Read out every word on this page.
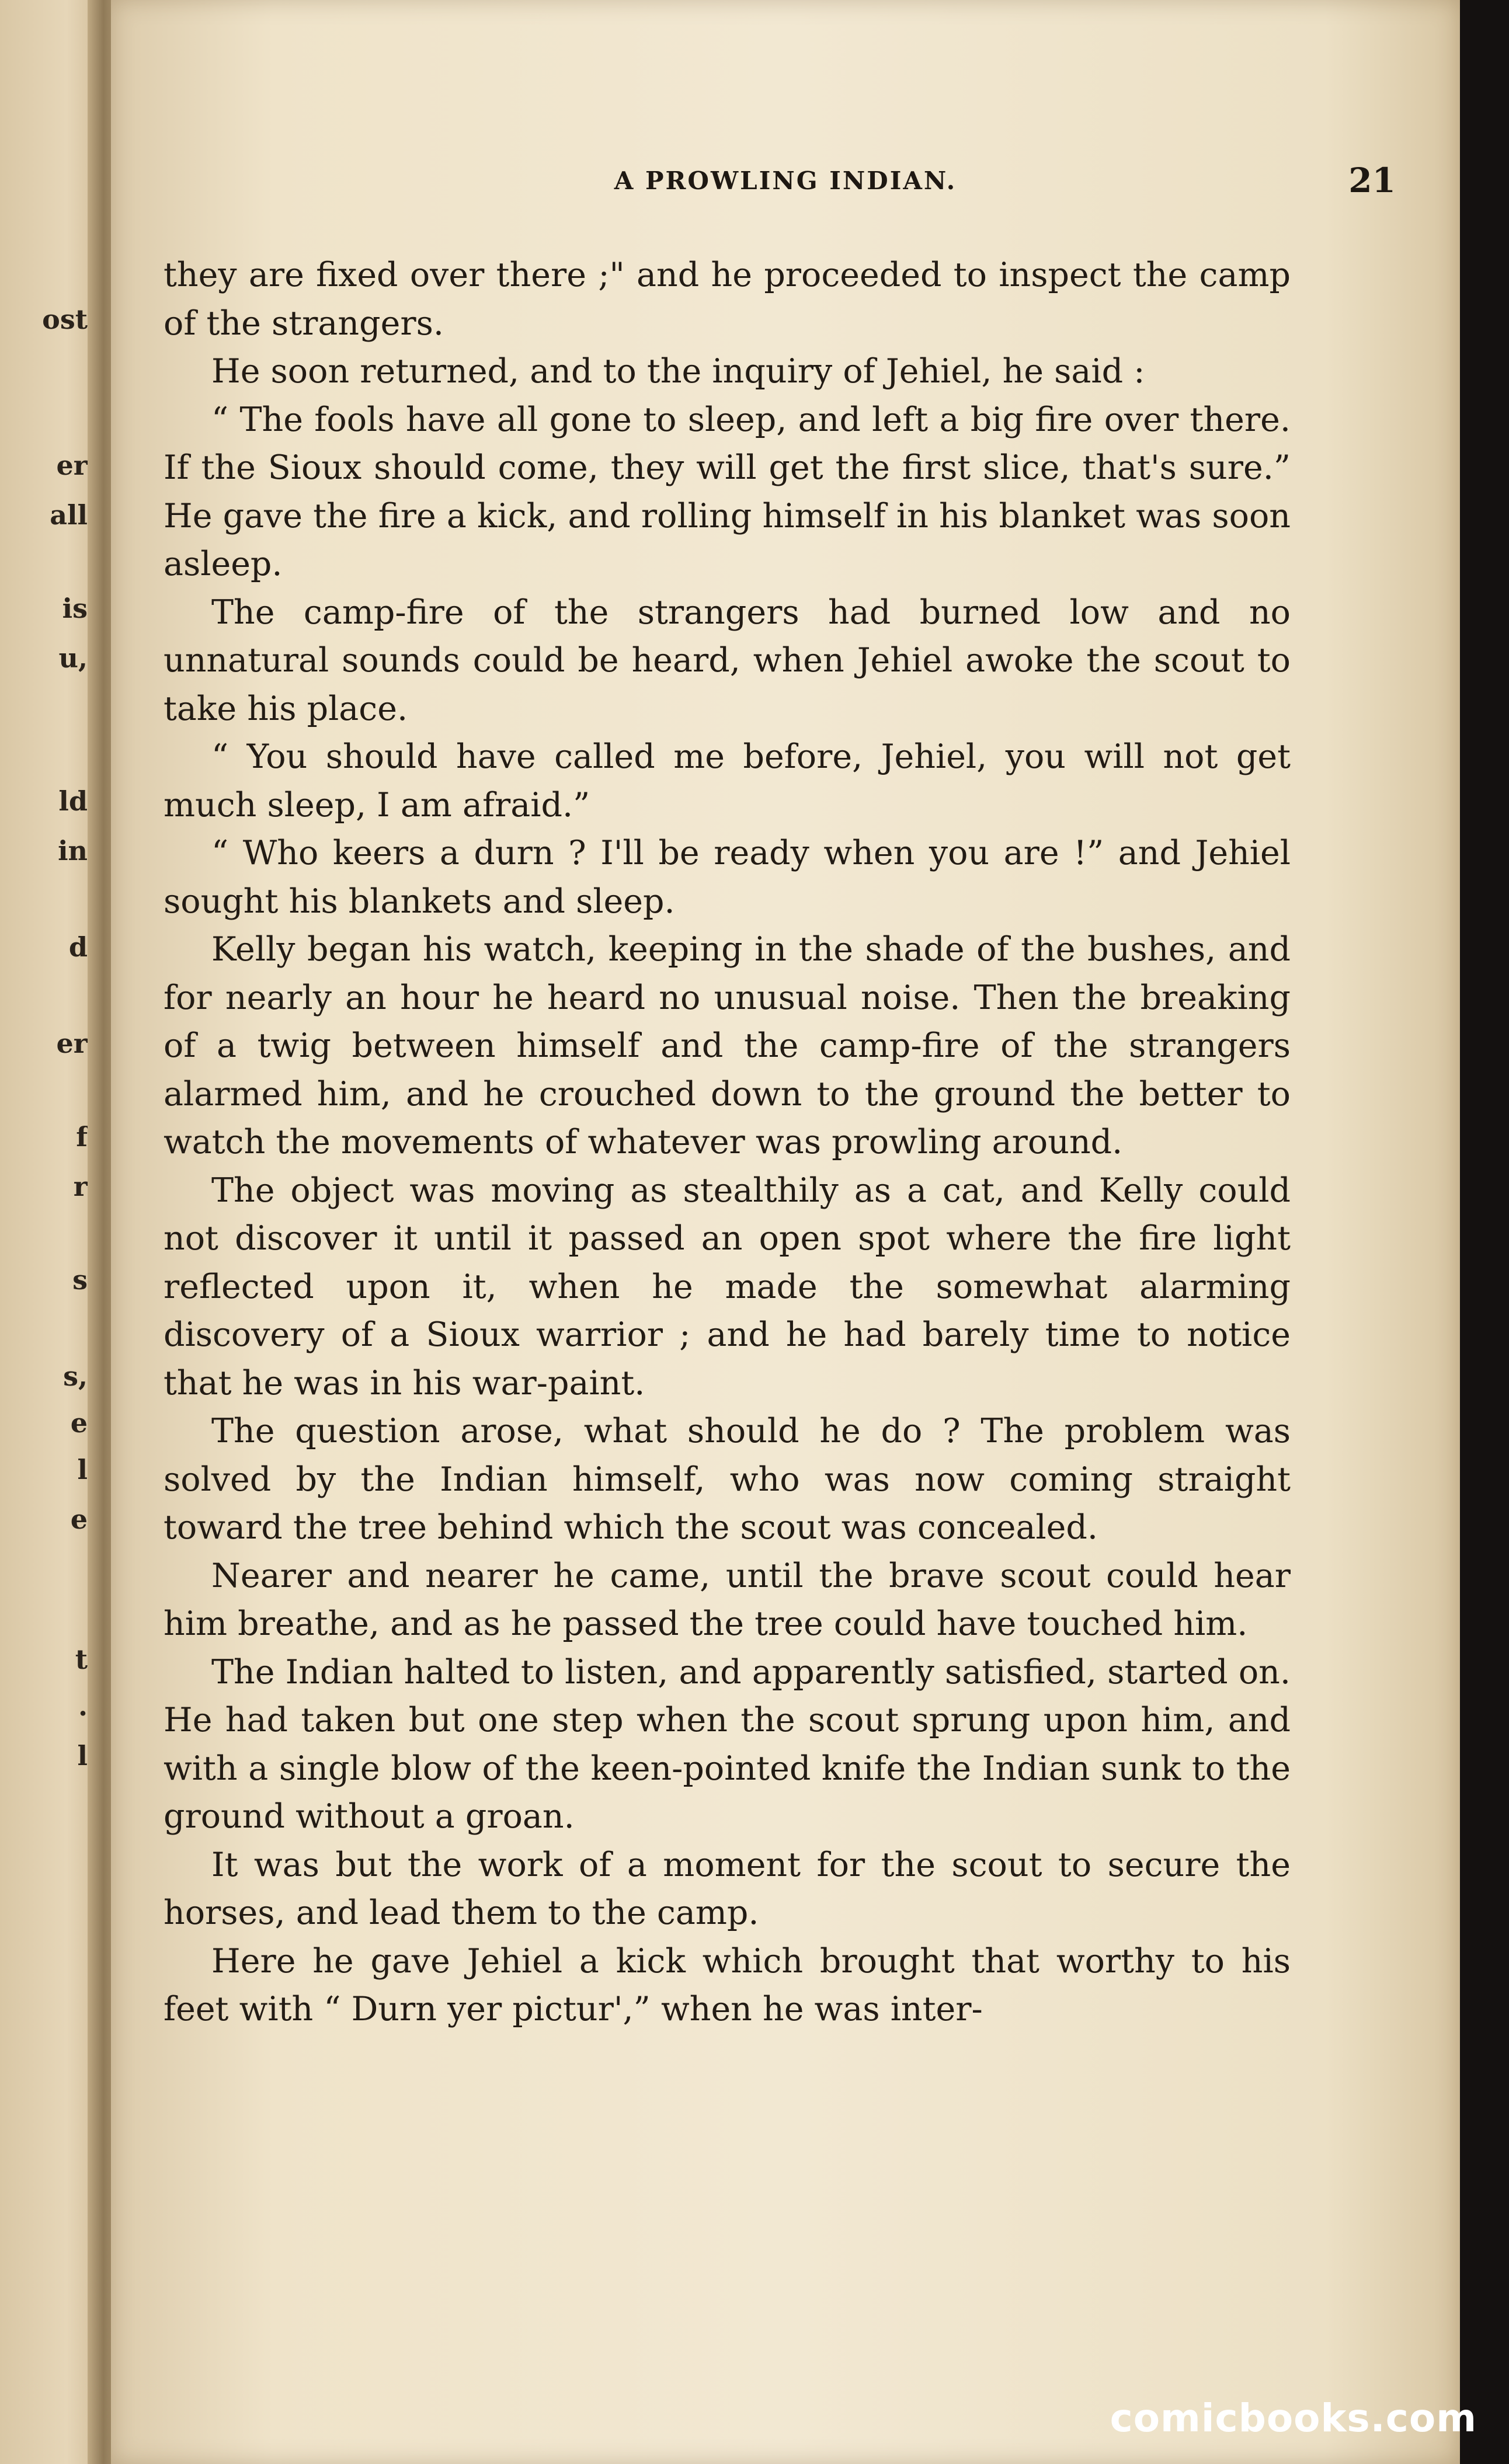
ost
er
all
is
u,
ld
in
d
er
f
r
s
s,
e
l
e
t
.
l
A PROWLING INDIAN.	21

they are fixed over there ;" and he proceeded to inspect the camp of the strangers.

He soon returned, and to the inquiry of Jehiel, he said :

“ The fools have all gone to sleep, and left a big fire over there. If the Sioux should come, they will get the first slice, that's sure.” He gave the fire a kick, and rolling himself in his blanket was soon asleep.

The camp-fire of the strangers had burned low and no unnatural sounds could be heard, when Jehiel awoke the scout to take his place.

“ You should have called me before, Jehiel, you will not get much sleep, I am afraid.”

“ Who keers a durn ? I'll be ready when you are !” and Jehiel sought his blankets and sleep.

Kelly began his watch, keeping in the shade of the bushes, and for nearly an hour he heard no unusual noise. Then the breaking of a twig between himself and the camp-fire of the strangers alarmed him, and he crouched down to the ground the better to watch the movements of whatever was prowling around.

The object was moving as stealthily as a cat, and Kelly could not discover it until it passed an open spot where the fire light reflected upon it, when he made the somewhat alarming discovery of a Sioux warrior ; and he had barely time to notice that he was in his war-paint.

The question arose, what should he do ? The problem was solved by the Indian himself, who was now coming straight toward the tree behind which the scout was concealed.

Nearer and nearer he came, until the brave scout could hear him breathe, and as he passed the tree could have touched him.

The Indian halted to listen, and apparently satisfied, started on. He had taken but one step when the scout sprung upon him, and with a single blow of the keen-pointed knife the Indian sunk to the ground without a groan.

It was but the work of a moment for the scout to secure the horses, and lead them to the camp.

Here he gave Jehiel a kick which brought that worthy to his feet with “ Durn yer pictur',” when he was inter-

comicbooks.com
